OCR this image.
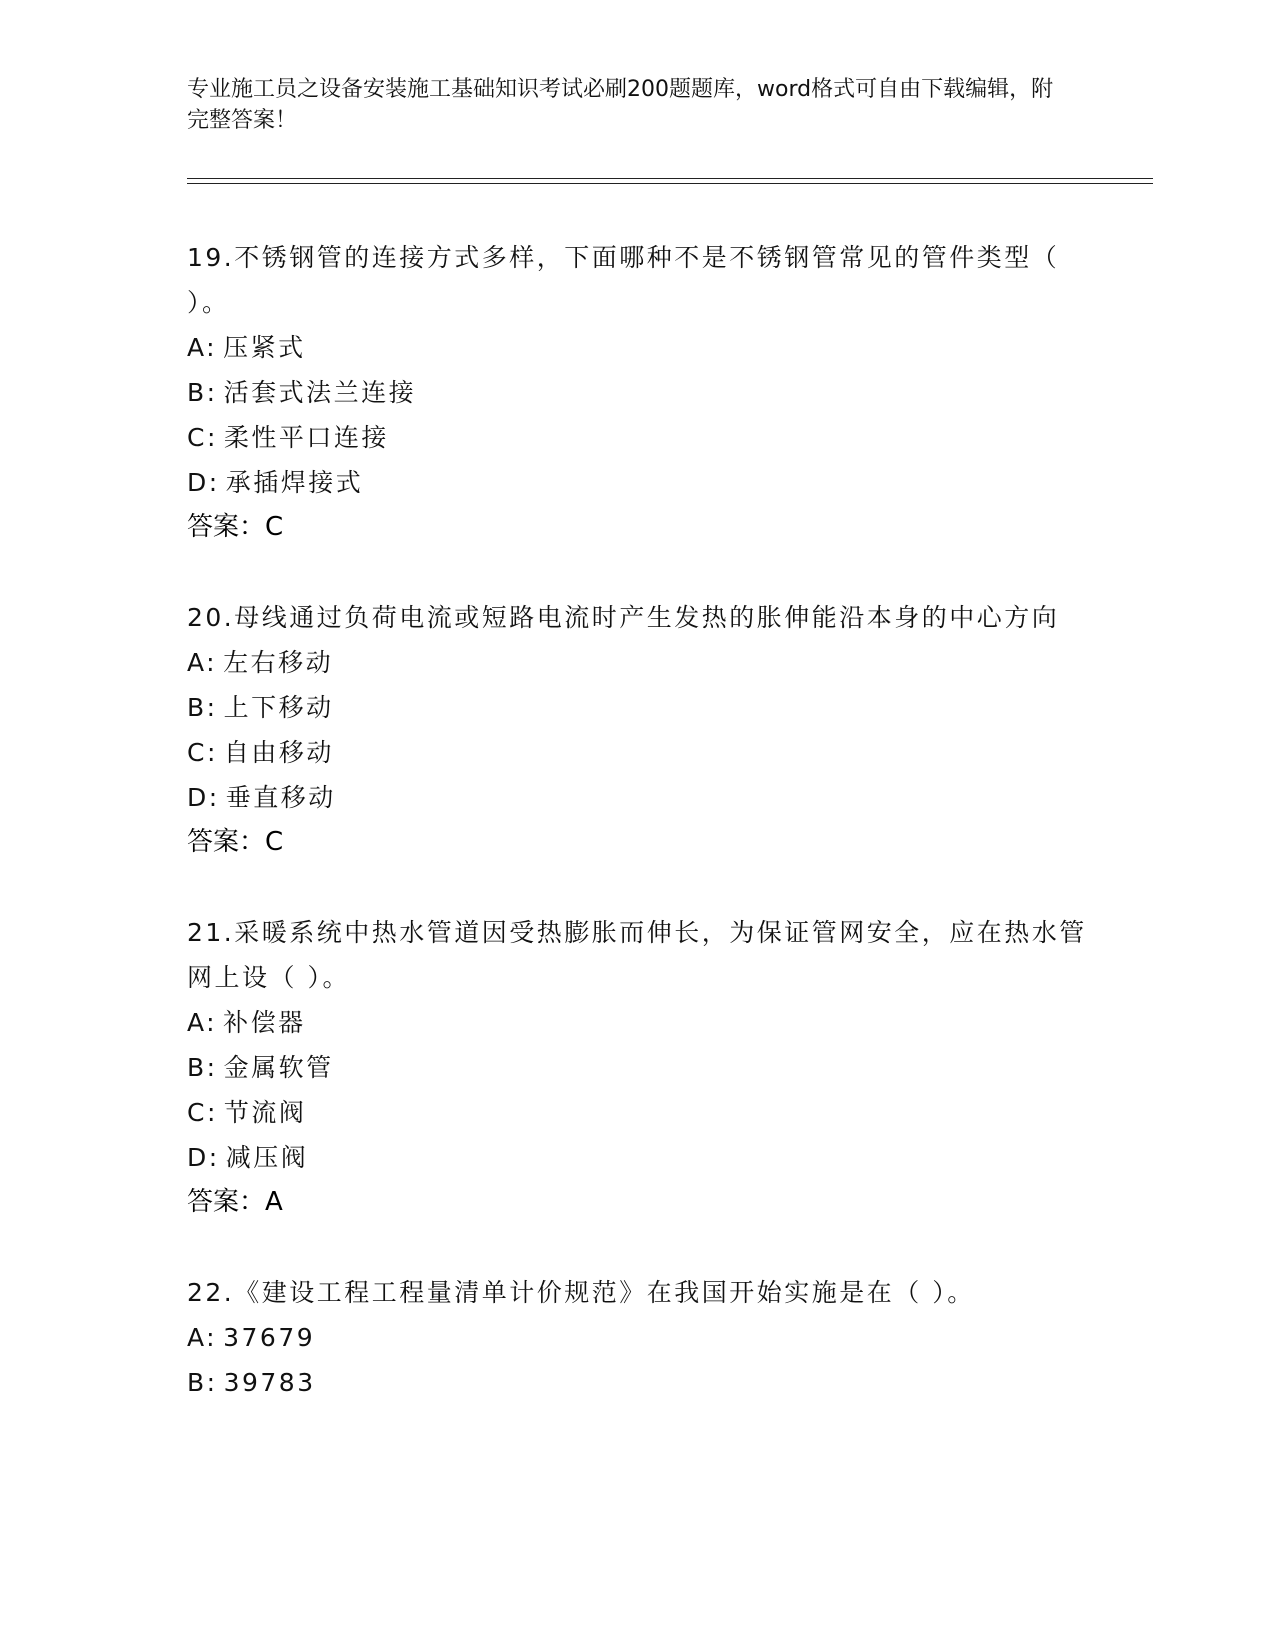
专业施工员之设备安装施工基础知识考试必刷200题题库，word格式可自由下载编辑，附完整答案！

19.不锈钢管的连接方式多样，下面哪种不是不锈钢管常见的管件类型（ ）。

A: 压紧式

B: 活套式法兰连接

C: 柔性平口连接

D: 承插焊接式

答案：C

20.母线通过负荷电流或短路电流时产生发热的胀伸能沿本身的中心方向

A: 左右移动

B: 上下移动

C: 自由移动

D: 垂直移动

答案：C

21.采暖系统中热水管道因受热膨胀而伸长，为保证管网安全，应在热水管网上设（ ）。

A: 补偿器

B: 金属软管

C: 节流阀

D: 减压阀

答案：A

22.《建设工程工程量清单计价规范》在我国开始实施是在（ ）。

A: 37679

B: 39783
